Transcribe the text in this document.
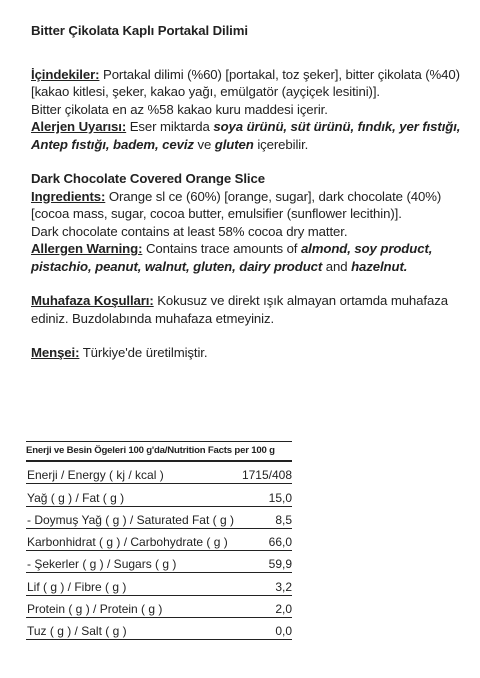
Bitter Çikolata Kaplı Portakal Dilimi

İçindekiler: Portakal dilimi (%60) [portakal, toz şeker], bitter çikolata (%40) [kakao kitlesi, şeker, kakao yağı, emülgatör (ayçiçek lesitini)].

Bitter çikolata en az %58 kakao kuru maddesi içerir.

Alerjen Uyarısı: Eser miktarda soya ürünü, süt ürünü, fındık, yer fıstığı, Antep fıstığı, badem, ceviz ve gluten içerebilir.

Dark Chocolate Covered Orange Slice

Ingredients: Orange sl ce (60%) [orange, sugar], dark chocolate (40%) [cocoa mass, sugar, cocoa butter, emulsifier (sunflower lecithin)].

Dark chocolate contains at least 58% cocoa dry matter.

Allergen Warning: Contains trace amounts of almond, soy product, pistachio, peanut, walnut, gluten, dairy product and hazelnut.

Muhafaza Koşulları: Kokusuz ve direkt ışık almayan ortamda muhafaza ediniz. Buzdolabında muhafaza etmeyiniz.

Menşei: Türkiye'de üretilmiştir.

Enerji ve Besin Ögeleri 100 g'da/Nutrition Facts per 100 g
Enerji / Energy ( kj / kcal )	1715/408
Yağ ( g ) / Fat ( g )	15,0
- Doymuş Yağ ( g ) / Saturated Fat ( g )	8,5
Karbonhidrat ( g ) / Carbohydrate ( g )	66,0
- Şekerler ( g ) / Sugars ( g )	59,9
Lif ( g ) / Fibre ( g )	3,2
Protein ( g ) / Protein ( g )	2,0
Tuz ( g ) / Salt ( g )	0,0
